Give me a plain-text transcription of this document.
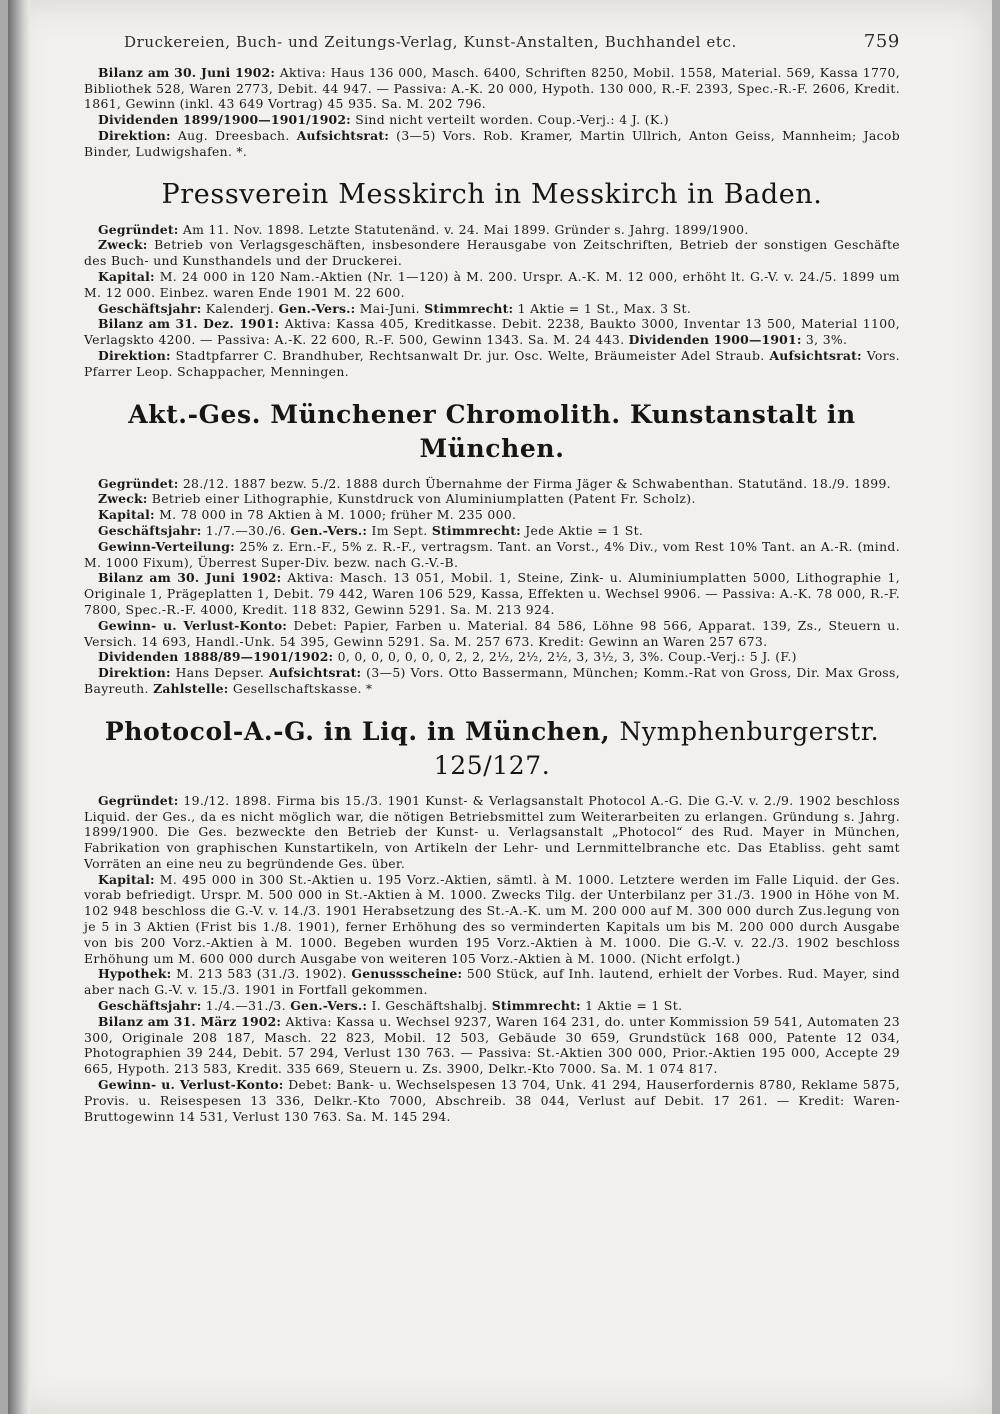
Druckereien, Buch- und Zeitungs-Verlag, Kunst-Anstalten, Buchhandel etc.	759

Bilanz am 30. Juni 1902: Aktiva: Haus 136 000, Masch. 6400, Schriften 8250, Mobil. 1558, Material. 569, Kassa 1770, Bibliothek 528, Waren 2773, Debit. 44 947. — Passiva: A.-K. 20 000, Hypoth. 130 000, R.-F. 2393, Spec.-R.-F. 2606, Kredit. 1861, Gewinn (inkl. 43 649 Vortrag) 45 935. Sa. M. 202 796.

Dividenden 1899/1900—1901/1902: Sind nicht verteilt worden. Coup.-Verj.: 4 J. (K.)

Direktion: Aug. Dreesbach. Aufsichtsrat: (3—5) Vors. Rob. Kramer, Martin Ullrich, Anton Geiss, Mannheim; Jacob Binder, Ludwigshafen. *.

Pressverein Messkirch in Messkirch in Baden.

Gegründet: Am 11. Nov. 1898. Letzte Statutenänd. v. 24. Mai 1899. Gründer s. Jahrg. 1899/1900.

Zweck: Betrieb von Verlagsgeschäften, insbesondere Herausgabe von Zeitschriften, Betrieb der sonstigen Geschäfte des Buch- und Kunsthandels und der Druckerei.

Kapital: M. 24 000 in 120 Nam.-Aktien (Nr. 1—120) à M. 200. Urspr. A.-K. M. 12 000, erhöht lt. G.-V. v. 24./5. 1899 um M. 12 000. Einbez. waren Ende 1901 M. 22 600.

Geschäftsjahr: Kalenderj. Gen.-Vers.: Mai-Juni. Stimmrecht: 1 Aktie = 1 St., Max. 3 St.

Bilanz am 31. Dez. 1901: Aktiva: Kassa 405, Kreditkasse. Debit. 2238, Baukto 3000, Inventar 13 500, Material 1100, Verlagskto 4200. — Passiva: A.-K. 22 600, R.-F. 500, Gewinn 1343. Sa. M. 24 443. Dividenden 1900—1901: 3, 3%.

Direktion: Stadtpfarrer C. Brandhuber, Rechtsanwalt Dr. jur. Osc. Welte, Bräumeister Adel Straub. Aufsichtsrat: Vors. Pfarrer Leop. Schappacher, Menningen.

Akt.-Ges. Münchener Chromolith. Kunstanstalt in München.

Gegründet: 28./12. 1887 bezw. 5./2. 1888 durch Übernahme der Firma Jäger & Schwabenthan. Statutänd. 18./9. 1899.

Zweck: Betrieb einer Lithographie, Kunstdruck von Aluminiumplatten (Patent Fr. Scholz).

Kapital: M. 78 000 in 78 Aktien à M. 1000; früher M. 235 000.

Geschäftsjahr: 1./7.—30./6. Gen.-Vers.: Im Sept. Stimmrecht: Jede Aktie = 1 St.

Gewinn-Verteilung: 25% z. Ern.-F., 5% z. R.-F., vertragsm. Tant. an Vorst., 4% Div., vom Rest 10% Tant. an A.-R. (mind. M. 1000 Fixum), Überrest Super-Div. bezw. nach G.-V.-B.

Bilanz am 30. Juni 1902: Aktiva: Masch. 13 051, Mobil. 1, Steine, Zink- u. Aluminiumplatten 5000, Lithographie 1, Originale 1, Prägeplatten 1, Debit. 79 442, Waren 106 529, Kassa, Effekten u. Wechsel 9906. — Passiva: A.-K. 78 000, R.-F. 7800, Spec.-R.-F. 4000, Kredit. 118 832, Gewinn 5291. Sa. M. 213 924.

Gewinn- u. Verlust-Konto: Debet: Papier, Farben u. Material. 84 586, Löhne 98 566, Apparat. 139, Zs., Steuern u. Versich. 14 693, Handl.-Unk. 54 395, Gewinn 5291. Sa. M. 257 673. Kredit: Gewinn an Waren 257 673.

Dividenden 1888/89—1901/1902: 0, 0, 0, 0, 0, 0, 0, 2, 2, 2½, 2½, 2½, 3, 3½, 3, 3%. Coup.-Verj.: 5 J. (F.)

Direktion: Hans Depser. Aufsichtsrat: (3—5) Vors. Otto Bassermann, München; Komm.-Rat von Gross, Dir. Max Gross, Bayreuth. Zahlstelle: Gesellschaftskasse. *

Photocol-A.-G. in Liq. in München, Nymphenburgerstr. 125/127.

Gegründet: 19./12. 1898. Firma bis 15./3. 1901 Kunst- & Verlagsanstalt Photocol A.-G. Die G.-V. v. 2./9. 1902 beschloss Liquid. der Ges., da es nicht möglich war, die nötigen Betriebsmittel zum Weiterarbeiten zu erlangen. Gründung s. Jahrg. 1899/1900. Die Ges. bezweckte den Betrieb der Kunst- u. Verlagsanstalt „Photocol“ des Rud. Mayer in München, Fabrikation von graphischen Kunstartikeln, von Artikeln der Lehr- und Lernmittelbranche etc. Das Etabliss. geht samt Vorräten an eine neu zu begründende Ges. über.

Kapital: M. 495 000 in 300 St.-Aktien u. 195 Vorz.-Aktien, sämtl. à M. 1000. Letztere werden im Falle Liquid. der Ges. vorab befriedigt. Urspr. M. 500 000 in St.-Aktien à M. 1000. Zwecks Tilg. der Unterbilanz per 31./3. 1900 in Höhe von M. 102 948 beschloss die G.-V. v. 14./3. 1901 Herabsetzung des St.-A.-K. um M. 200 000 auf M. 300 000 durch Zus.legung von je 5 in 3 Aktien (Frist bis 1./8. 1901), ferner Erhöhung des so verminderten Kapitals um bis M. 200 000 durch Ausgabe von bis 200 Vorz.-Aktien à M. 1000. Begeben wurden 195 Vorz.-Aktien à M. 1000. Die G.-V. v. 22./3. 1902 beschloss Erhöhung um M. 600 000 durch Ausgabe von weiteren 105 Vorz.-Aktien à M. 1000. (Nicht erfolgt.)

Hypothek: M. 213 583 (31./3. 1902). Genussscheine: 500 Stück, auf Inh. lautend, erhielt der Vorbes. Rud. Mayer, sind aber nach G.-V. v. 15./3. 1901 in Fortfall gekommen.

Geschäftsjahr: 1./4.—31./3. Gen.-Vers.: I. Geschäftshalbj. Stimmrecht: 1 Aktie = 1 St.

Bilanz am 31. März 1902: Aktiva: Kassa u. Wechsel 9237, Waren 164 231, do. unter Kommission 59 541, Automaten 23 300, Originale 208 187, Masch. 22 823, Mobil. 12 503, Gebäude 30 659, Grundstück 168 000, Patente 12 034, Photographien 39 244, Debit. 57 294, Verlust 130 763. — Passiva: St.-Aktien 300 000, Prior.-Aktien 195 000, Accepte 29 665, Hypoth. 213 583, Kredit. 335 669, Steuern u. Zs. 3900, Delkr.-Kto 7000. Sa. M. 1 074 817.

Gewinn- u. Verlust-Konto: Debet: Bank- u. Wechselspesen 13 704, Unk. 41 294, Hauserfordernis 8780, Reklame 5875, Provis. u. Reisespesen 13 336, Delkr.-Kto 7000, Abschreib. 38 044, Verlust auf Debit. 17 261. — Kredit: Waren-Bruttogewinn 14 531, Verlust 130 763. Sa. M. 145 294.
